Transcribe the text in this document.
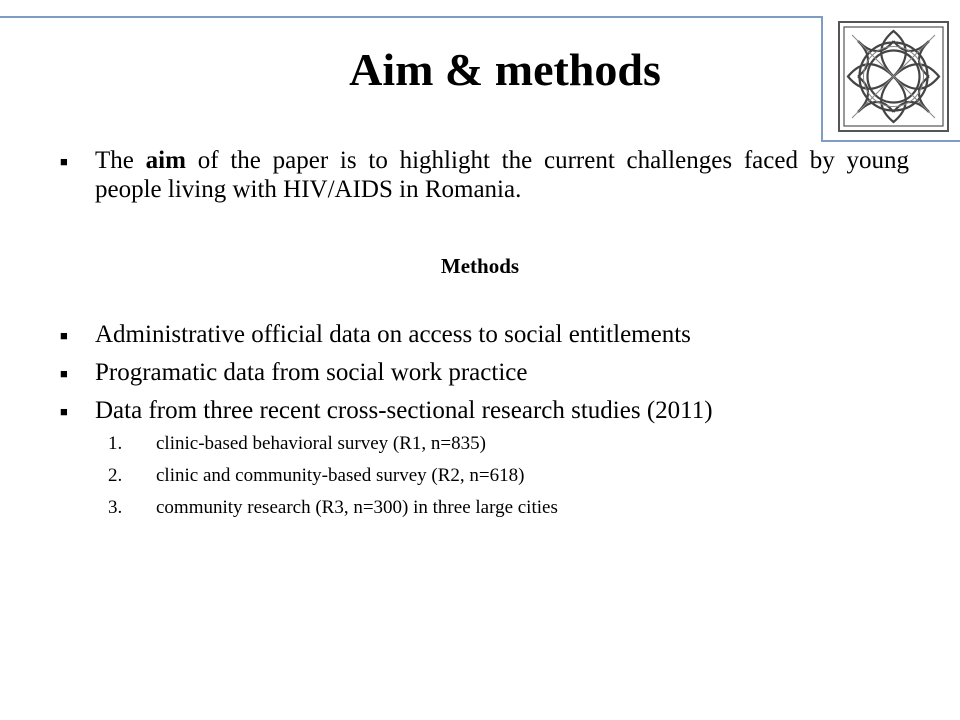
Aim & methods
■ The aim of the paper is to highlight the current challenges faced by young people living with HIV/AIDS in Romania.
Methods
■ Administrative official data on access to social entitlements
■ Programatic data from social work practice
■ Data from three recent cross-sectional research studies (2011)
1. clinic-based behavioral survey (R1, n=835)
2. clinic and community-based survey (R2, n=618)
3. community research (R3, n=300) in three large cities
